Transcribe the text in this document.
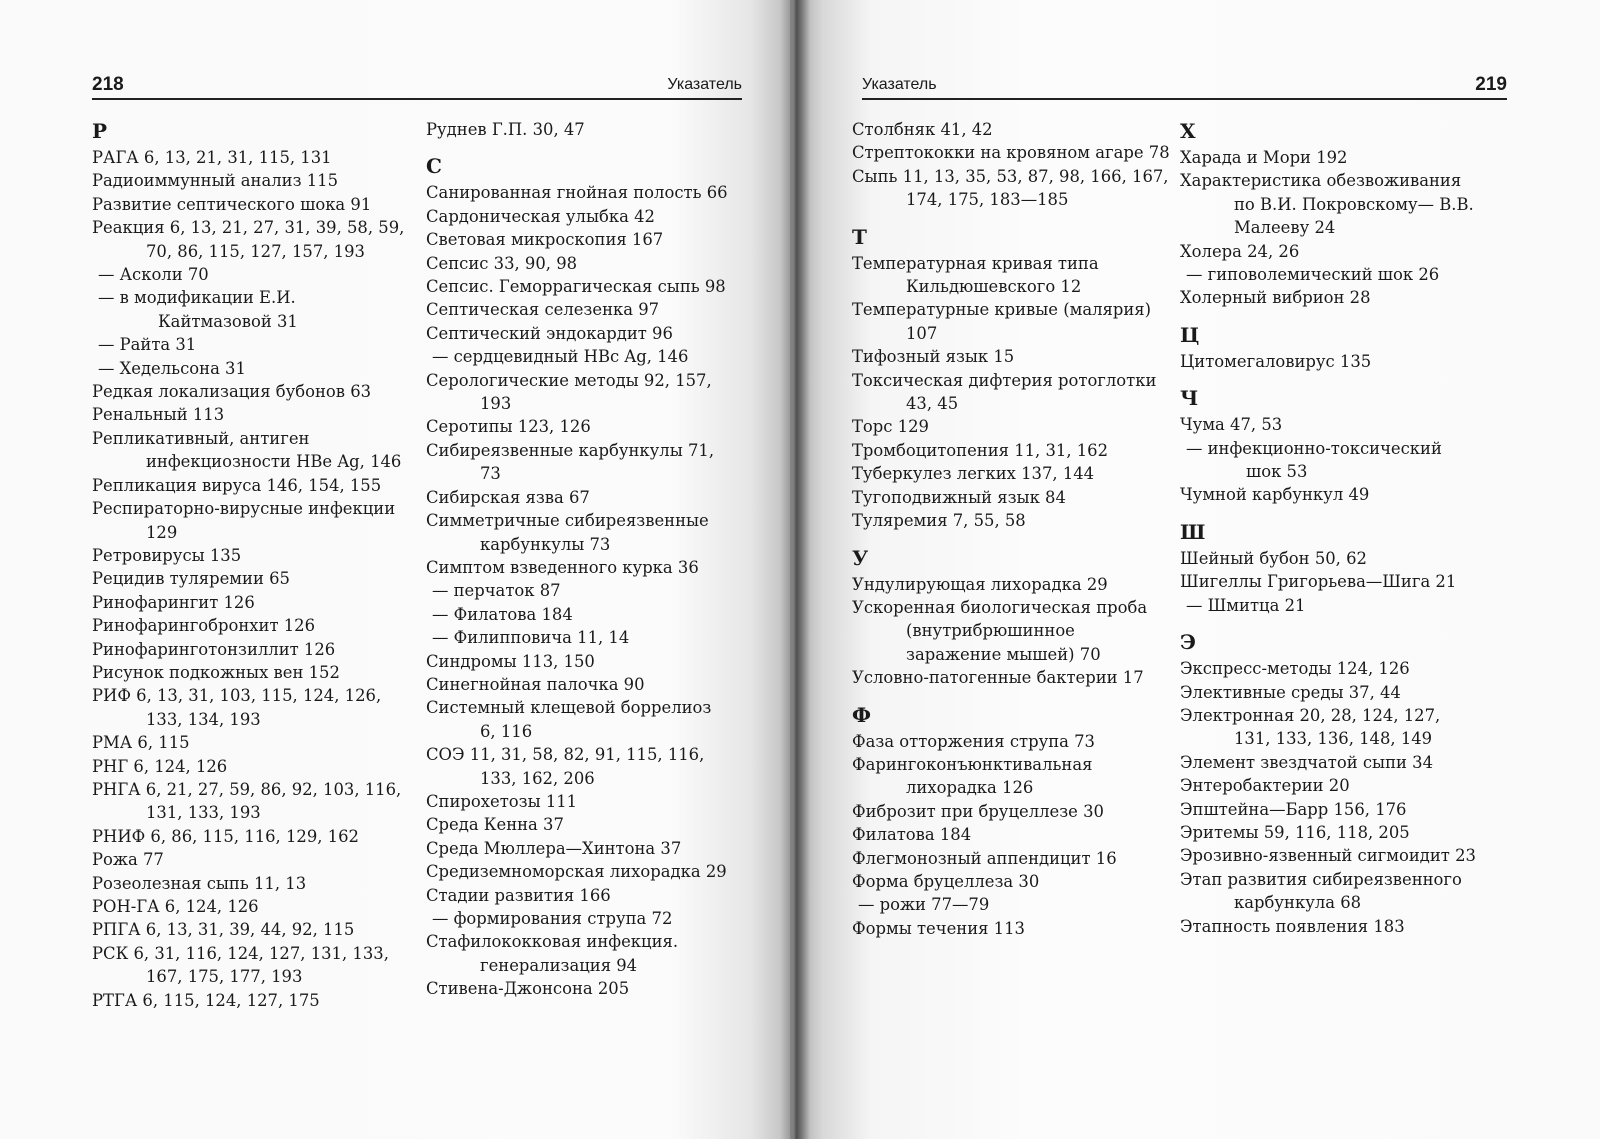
218	Указатель	Указатель	219
Р
РАГА 6, 13, 21, 31, 115, 131
Радиоиммунный анализ 115
Развитие септического шока 91
Реакция 6, 13, 21, 27, 31, 39, 58, 59, 70, 86, 115, 127, 157, 193
— Асколи 70
— в модификации Е.И. Кайтмазовой 31
— Райта 31
— Хедельсона 31
Редкая локализация бубонов 63
Ренальный 113
Репликативный, антиген инфекциозности HBe Ag, 146
Репликация вируса 146, 154, 155
Респираторно-вирусные инфекции 129
Ретровирусы 135
Рецидив туляремии 65
Ринофарингит 126
Ринофарингобронхит 126
Ринофаринготонзиллит 126
Рисунок подкожных вен 152
РИФ 6, 13, 31, 103, 115, 124, 126, 133, 134, 193
РМА 6, 115
РНГ 6, 124, 126
РНГА 6, 21, 27, 59, 86, 92, 103, 116, 131, 133, 193
РНИФ 6, 86, 115, 116, 129, 162
Рожа 77
Розеолезная сыпь 11, 13
РОН-ГА 6, 124, 126
РПГА 6, 13, 31, 39, 44, 92, 115
РСК 6, 31, 116, 124, 127, 131, 133, 167, 175, 177, 193
РТГА 6, 115, 124, 127, 175
Руднев Г.П. 30, 47
С
Санированная гнойная полость 66
Сардоническая улыбка 42
Световая микроскопия 167
Сепсис 33, 90, 98
Сепсис. Геморрагическая сыпь 98
Септическая селезенка 97
Септический эндокардит 96
— сердцевидный HBc Ag, 146
Серологические методы 92, 157, 193
Серотипы 123, 126
Сибиреязвенные карбункулы 71, 73
Сибирская язва 67
Симметричные сибиреязвенные карбункулы 73
Симптом взведенного курка 36
— перчаток 87
— Филатова 184
— Филипповича 11, 14
Синдромы 113, 150
Синегнойная палочка 90
Системный клещевой боррелиоз 6, 116
СОЭ 11, 31, 58, 82, 91, 115, 116, 133, 162, 206
Спирохетозы 111
Среда Кенна 37
Среда Мюллера—Хинтона 37
Средиземноморская лихорадка 29
Стадии развития 166
— формирования струпа 72
Стафилококковая инфекция. генерализация 94
Стивена-Джонсона 205
Столбняк 41, 42
Стрептококки на кровяном агаре 78
Сыпь 11, 13, 35, 53, 87, 98, 166, 167, 174, 175, 183—185
Т
Температурная кривая типа Кильдюшевского 12
Температурные кривые (малярия) 107
Тифозный язык 15
Токсическая дифтерия ротоглотки 43, 45
Торс 129
Тромбоцитопения 11, 31, 162
Туберкулез легких 137, 144
Тугоподвижный язык 84
Туляремия 7, 55, 58
У
Ундулирующая лихорадка 29
Ускоренная биологическая проба (внутрибрюшинное заражение мышей) 70
Условно-патогенные бактерии 17
Ф
Фаза отторжения струпа 73
Фарингоконъюнктивальная лихорадка 126
Фиброзит при бруцеллезе 30
Филатова 184
Флегмонозный аппендицит 16
Форма бруцеллеза 30
— рожи 77—79
Формы течения 113
Х
Харада и Мори 192
Характеристика обезвоживания по В.И. Покровскому— В.В. Малееву 24
Холера 24, 26
— гиповолемический шок 26
Холерный вибрион 28
Ц
Цитомегаловирус 135
Ч
Чума 47, 53
— инфекционно-токсический шок 53
Чумной карбункул 49
Ш
Шейный бубон 50, 62
Шигеллы Григорьева—Шига 21
— Шмитца 21
Э
Экспресс-методы 124, 126
Элективные среды 37, 44
Электронная 20, 28, 124, 127, 131, 133, 136, 148, 149
Элемент звездчатой сыпи 34
Энтеробактерии 20
Эпштейна—Барр 156, 176
Эритемы 59, 116, 118, 205
Эрозивно-язвенный сигмоидит 23
Этап развития сибиреязвенного карбункула 68
Этапность появления 183
